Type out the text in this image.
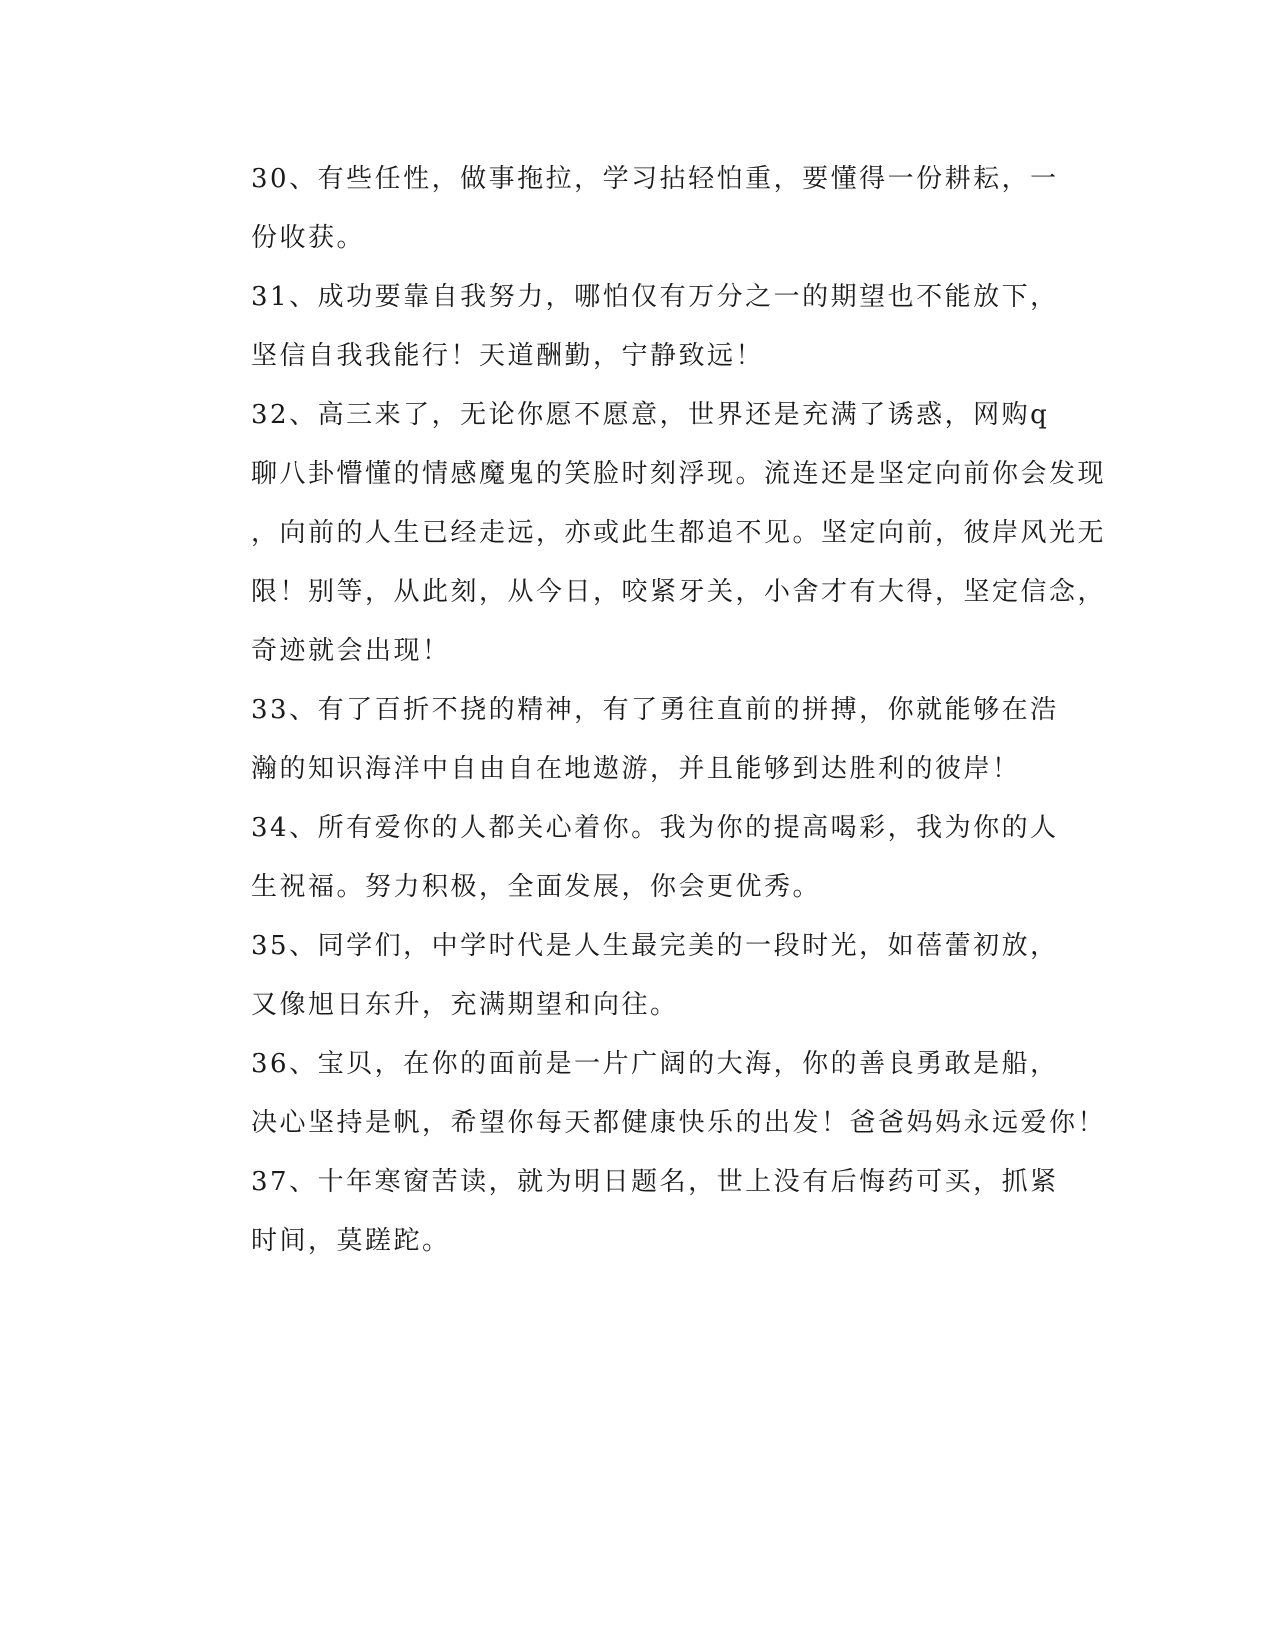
30、有些任性，做事拖拉，学习拈轻怕重，要懂得一份耕耘，一
份收获。

31、成功要靠自我努力，哪怕仅有万分之一的期望也不能放下，
坚信自我我能行！天道酬勤，宁静致远！

32、高三来了，无论你愿不愿意，世界还是充满了诱惑，网购q
聊八卦懵懂的情感魔鬼的笑脸时刻浮现。流连还是坚定向前你会发现
，向前的人生已经走远，亦或此生都追不见。坚定向前，彼岸风光无
限！别等，从此刻，从今日，咬紧牙关，小舍才有大得，坚定信念，
奇迹就会出现！

33、有了百折不挠的精神，有了勇往直前的拼搏，你就能够在浩
瀚的知识海洋中自由自在地遨游，并且能够到达胜利的彼岸！

34、所有爱你的人都关心着你。我为你的提高喝彩，我为你的人
生祝福。努力积极，全面发展，你会更优秀。

35、同学们，中学时代是人生最完美的一段时光，如蓓蕾初放，
又像旭日东升，充满期望和向往。

36、宝贝，在你的面前是一片广阔的大海，你的善良勇敢是船，
决心坚持是帆，希望你每天都健康快乐的出发！爸爸妈妈永远爱你！

37、十年寒窗苦读，就为明日题名，世上没有后悔药可买，抓紧
时间，莫蹉跎。
